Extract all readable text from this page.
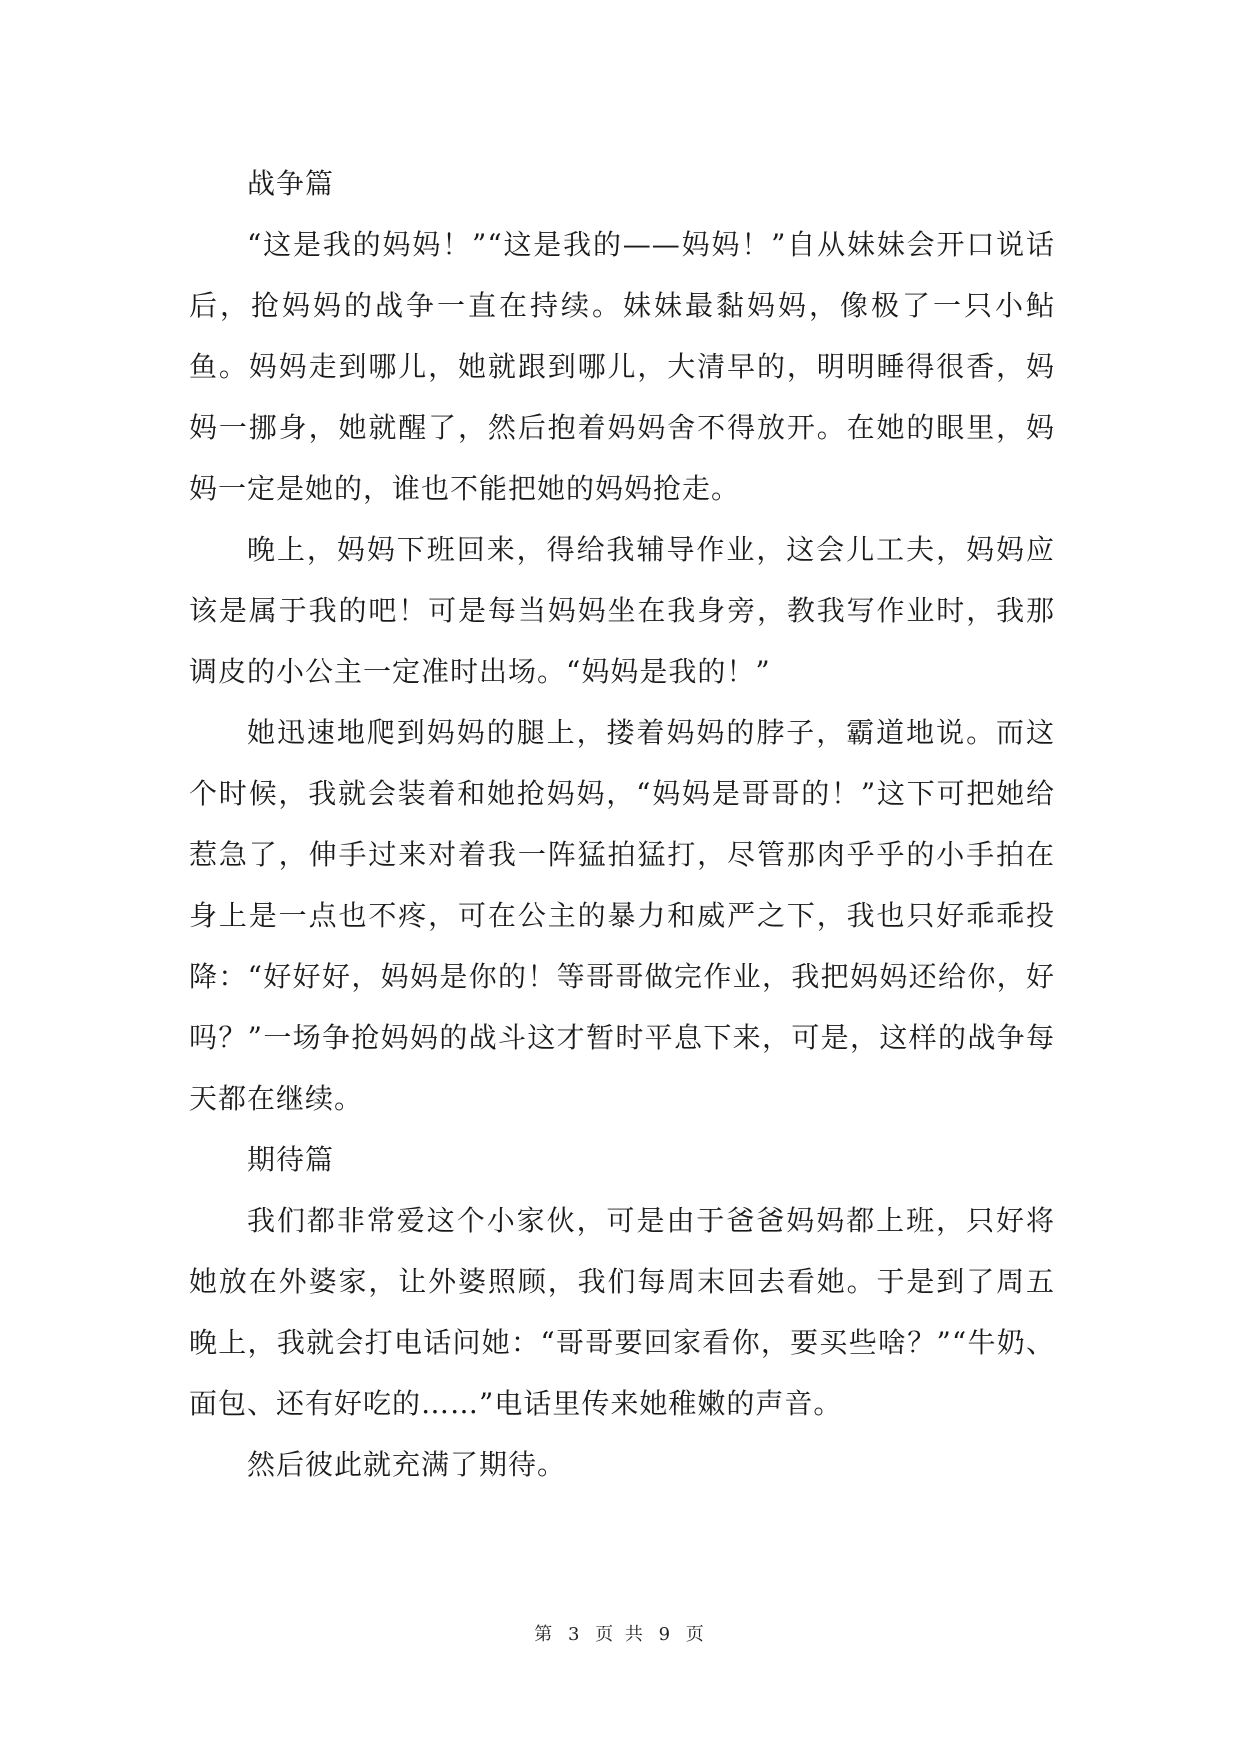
战争篇

“这是我的妈妈！”“这是我的——妈妈！”自从妹妹会开口说话后，抢妈妈的战争一直在持续。妹妹最黏妈妈，像极了一只小鲇鱼。妈妈走到哪儿，她就跟到哪儿，大清早的，明明睡得很香，妈妈一挪身，她就醒了，然后抱着妈妈舍不得放开。在她的眼里，妈妈一定是她的，谁也不能把她的妈妈抢走。

晚上，妈妈下班回来，得给我辅导作业，这会儿工夫，妈妈应该是属于我的吧！可是每当妈妈坐在我身旁，教我写作业时，我那调皮的小公主一定准时出场。“妈妈是我的！”

她迅速地爬到妈妈的腿上，搂着妈妈的脖子，霸道地说。而这个时候，我就会装着和她抢妈妈，“妈妈是哥哥的！”这下可把她给惹急了，伸手过来对着我一阵猛拍猛打，尽管那肉乎乎的小手拍在身上是一点也不疼，可在公主的暴力和威严之下，我也只好乖乖投降：“好好好，妈妈是你的！等哥哥做完作业，我把妈妈还给你，好吗？”一场争抢妈妈的战斗这才暂时平息下来，可是，这样的战争每天都在继续。

期待篇

我们都非常爱这个小家伙，可是由于爸爸妈妈都上班，只好将她放在外婆家，让外婆照顾，我们每周末回去看她。于是到了周五晚上，我就会打电话问她：“哥哥要回家看你，要买些啥？”“牛奶、面包、还有好吃的……”电话里传来她稚嫩的声音。

然后彼此就充满了期待。

第 3 页 共 9 页
